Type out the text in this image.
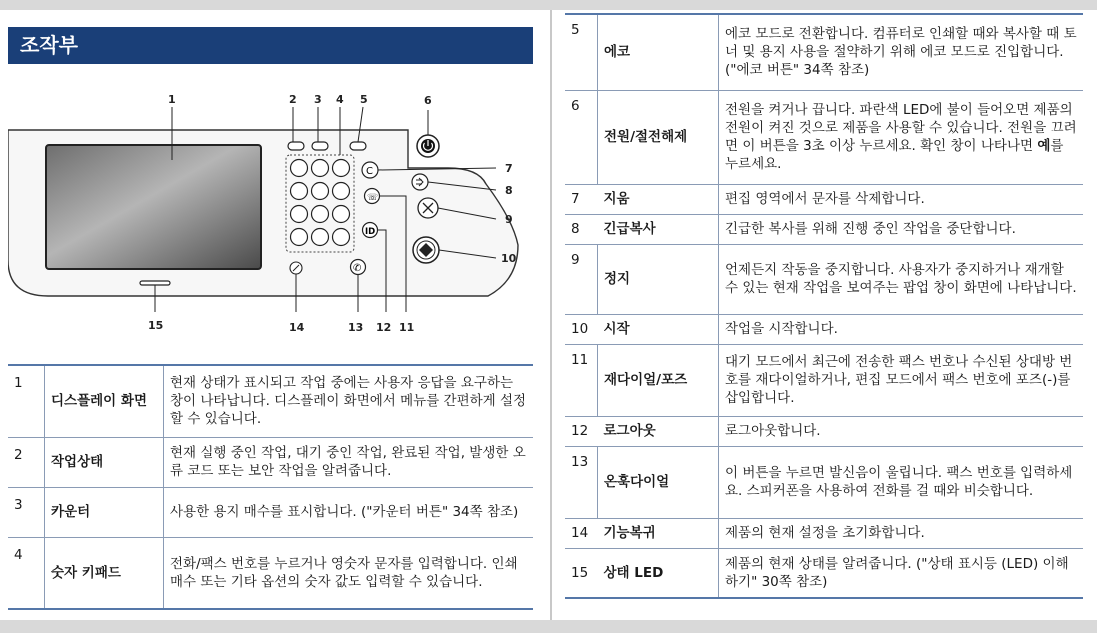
조작부
C
☏
ID
✆
1	2 3 4 5	6
7
8
9
10
11
12
13
14
15
1	디스플레이 화면	현재 상태가 표시되고 작업 중에는 사용자 응답을 요구하는 창이 나타납니다. 디스플레이 화면에서 메뉴를 간편하게 설정할 수 있습니다.
2	작업상태	현재 실행 중인 작업, 대기 중인 작업, 완료된 작업, 발생한 오류 코드 또는 보안 작업을 알려줍니다.
3	카운터	사용한 용지 매수를 표시합니다. ("카운터 버튼" 34쪽 참조)
4	숫자 키패드	전화/팩스 번호를 누르거나 영숫자 문자를 입력합니다. 인쇄 매수 또는 기타 옵션의 숫자 값도 입력할 수 있습니다.
5	에코	에코 모드로 전환합니다. 컴퓨터로 인쇄할 때와 복사할 때 토너 및 용지 사용을 절약하기 위해 에코 모드로 진입합니다. ("에코 버튼" 34쪽 참조)
6	전원/절전해제	전원을 켜거나 끕니다. 파란색 LED에 불이 들어오면 제품의 전원이 켜진 것으로 제품을 사용할 수 있습니다. 전원을 끄려면 이 버튼을 3초 이상 누르세요. 확인 창이 나타나면 예를 누르세요.
7	지움	편집 영역에서 문자를 삭제합니다.
8	긴급복사	긴급한 복사를 위해 진행 중인 작업을 중단합니다.
9	정지	언제든지 작동을 중지합니다. 사용자가 중지하거나 재개할 수 있는 현재 작업을 보여주는 팝업 창이 화면에 나타납니다.
10	시작	작업을 시작합니다.
11	재다이얼/포즈	대기 모드에서 최근에 전송한 팩스 번호나 수신된 상대방 번호를 재다이얼하거나, 편집 모드에서 팩스 번호에 포즈(-)를 삽입합니다.
12	로그아웃	로그아웃합니다.
13	온훅다이얼	이 버튼을 누르면 발신음이 울립니다. 팩스 번호를 입력하세요. 스피커폰을 사용하여 전화를 걸 때와 비슷합니다.
14	기능복귀	제품의 현재 설정을 초기화합니다.
15	상태 LED	제품의 현재 상태를 알려줍니다. ("상태 표시등 (LED) 이해하기" 30쪽 참조)
